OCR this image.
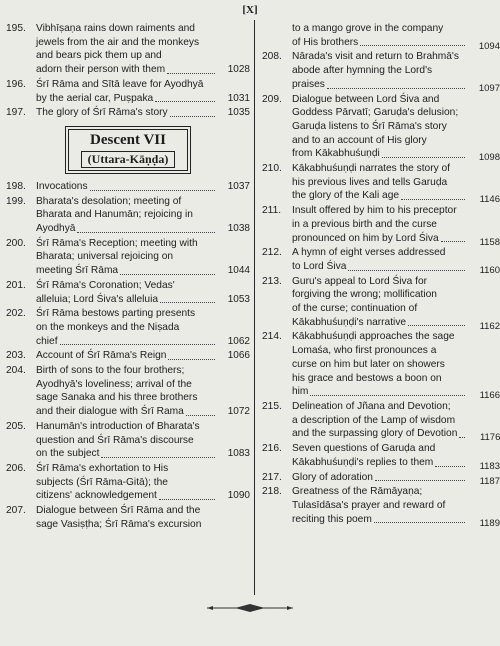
[X]
195. Vibhīṣaṇa rains down raiments and
jewels from the air and the monkeys
and bears pick them up and
adorn their person with them	1028
196. Śrī Rāma and Sītā leave for Ayodhyā
by the aerial car, Puṣpaka	1031
197. The glory of Śrī Rāma's story	1035
Descent VII
(Uttara-Kāṇḍa)
198. Invocations	1037
199. Bharata's desolation; meeting of
Bharata and Hanumān; rejoicing in
Ayodhyā	1038
200. Śrī Rāma's Reception; meeting with
Bharata; universal rejoicing on
meeting Śrī Rāma	1044
201. Śrī Rāma's Coronation; Vedas'
alleluia; Lord Śiva's alleluia	1053
202. Śrī Rāma bestows parting presents
on the monkeys and the Niṣada
chief	1062
203. Account of Śrī Rāma's Reign	1066
204. Birth of sons to the four brothers;
Ayodhyā's loveliness; arrival of the
sage Sanaka and his three brothers
and their dialogue with Śrī Rama	1072
205. Hanumān's introduction of Bharata's
question and Śrī Rāma's discourse
on the subject	1083
206. Śrī Rāma's exhortation to His
subjects (Śrī Rāma-Gitā); the
citizens' acknowledgement	1090
207. Dialogue between Śrī Rāma and the
sage Vasiṣṭha; Śrī Rāma's excursion
to a mango grove in the company
of His brothers	1094
208. Nārada's visit and return to Brahmā's
abode after hymning the Lord's
praises	1097
209. Dialogue between Lord Śiva and
Goddess Pārvatī; Garuḍa's delusion;
Garuḍa listens to Śrī Rāma's story
and to an account of His glory
from Kākabhuśuṇḍi	1098
210. Kākabhuśuṇḍi narrates the story of
his previous lives and tells Garuḍa
the glory of the Kali age	1146
211.	Insult offered by him to his preceptor
in a previous birth and the curse
pronounced on him by Lord Śiva	1158
212. A hymn of eight verses addressed
to Lord Śiva	1160
213. Guru's appeal to Lord Śiva for
forgiving the wrong; mollification
of the curse; continuation of
Kākabhuśuṇḍi's narrative	1162
214. Kākabhuśuṇḍi approaches the sage
Lomaśa, who first pronounces a
curse on him but later on showers
his grace and bestows a boon on
him	1166
215. Delineation of Jñana and Devotion;
a description of the Lamp of wisdom
and the surpassing glory of Devotion	1176
216. Seven questions of Garuḍa and
Kākabhuśuṇḍi's replies to them	1183
217. Glory of adoration	1187
218. Greatness of the Rāmāyaṇa;
Tulasīdāsa's prayer and reward of
reciting this poem	1189
